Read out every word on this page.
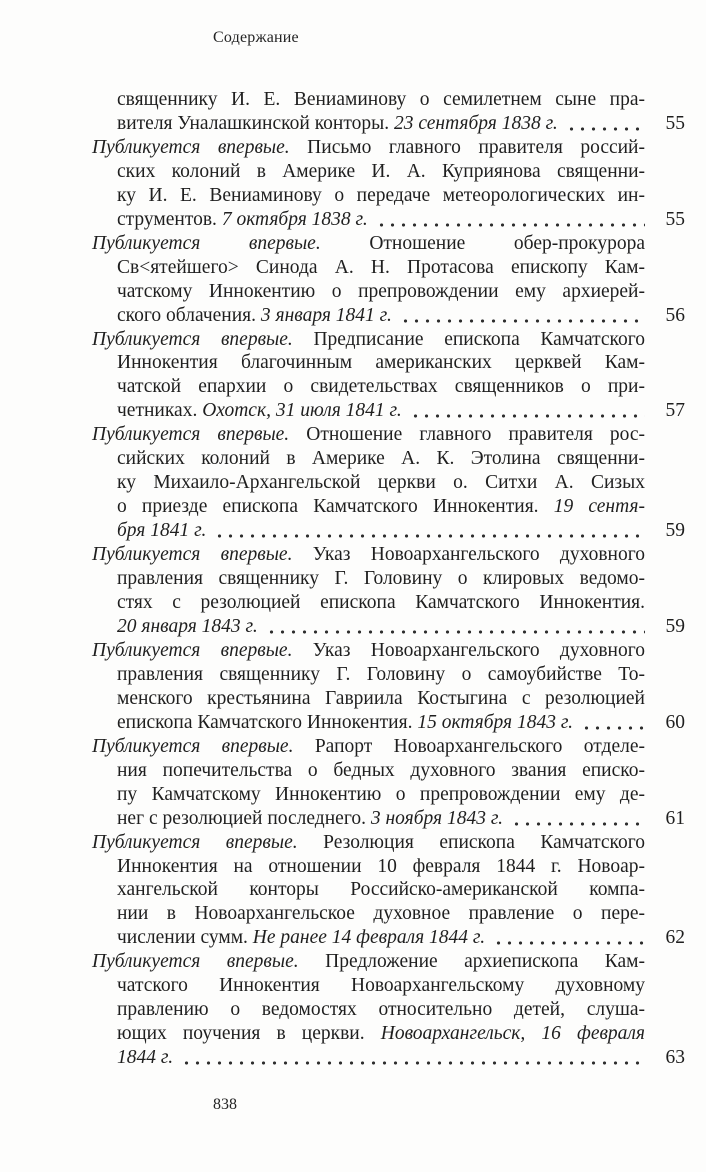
Содержание
священнику И. Е. Вениаминову о семилетнем сыне пра-
вителя Уналашкинской конторы. 23 сентября 1838 г.	55
Публикуется впервые. Письмо главного правителя россий-
ских колоний в Америке И. А. Куприянова священни-
ку И. Е. Вениаминову о передаче метеорологических ин-
струментов. 7 октября 1838 г.	55
Публикуется впервые. Отношение обер-прокурора
Св<ятейшего> Синода А. Н. Протасова епископу Кам-
чатскому Иннокентию о препровождении ему архиерей-
ского облачения. 3 января 1841 г.	56
Публикуется впервые. Предписание епископа Камчатского
Иннокентия благочинным американских церквей Кам-
чатской епархии о свидетельствах священников о при-
четниках. Охотск, 31 июля 1841 г.	57
Публикуется впервые. Отношение главного правителя рос-
сийских колоний в Америке А. К. Этолина священни-
ку Михаило-Архангельской церкви о. Ситхи А. Сизых
о приезде епископа Камчатского Иннокентия. 19 сентя-
бря 1841 г.	59
Публикуется впервые. Указ Новоархангельского духовного
правления священнику Г. Головину о клировых ведомо-
стях с резолюцией епископа Камчатского Иннокентия.
20 января 1843 г.	59
Публикуется впервые. Указ Новоархангельского духовного
правления священнику Г. Головину о самоубийстве То-
менского крестьянина Гавриила Костыгина с резолюцией
епископа Камчатского Иннокентия. 15 октября 1843 г.	60
Публикуется впервые. Рапорт Новоархангельского отделе-
ния попечительства о бедных духовного звания еписко-
пу Камчатскому Иннокентию о препровождении ему де-
нег с резолюцией последнего. 3 ноября 1843 г.	61
Публикуется впервые. Резолюция епископа Камчатского
Иннокентия на отношении 10 февраля 1844 г. Новоар-
хангельской конторы Российско-американской компа-
нии в Новоархангельское духовное правление о пере-
числении сумм. Не ранее 14 февраля 1844 г.	62
Публикуется впервые. Предложение архиепископа Кам-
чатского Иннокентия Новоархангельскому духовному
правлению о ведомостях относительно детей, слуша-
ющих поучения в церкви. Новоархангельск, 16 февраля
1844 г.	63
838
